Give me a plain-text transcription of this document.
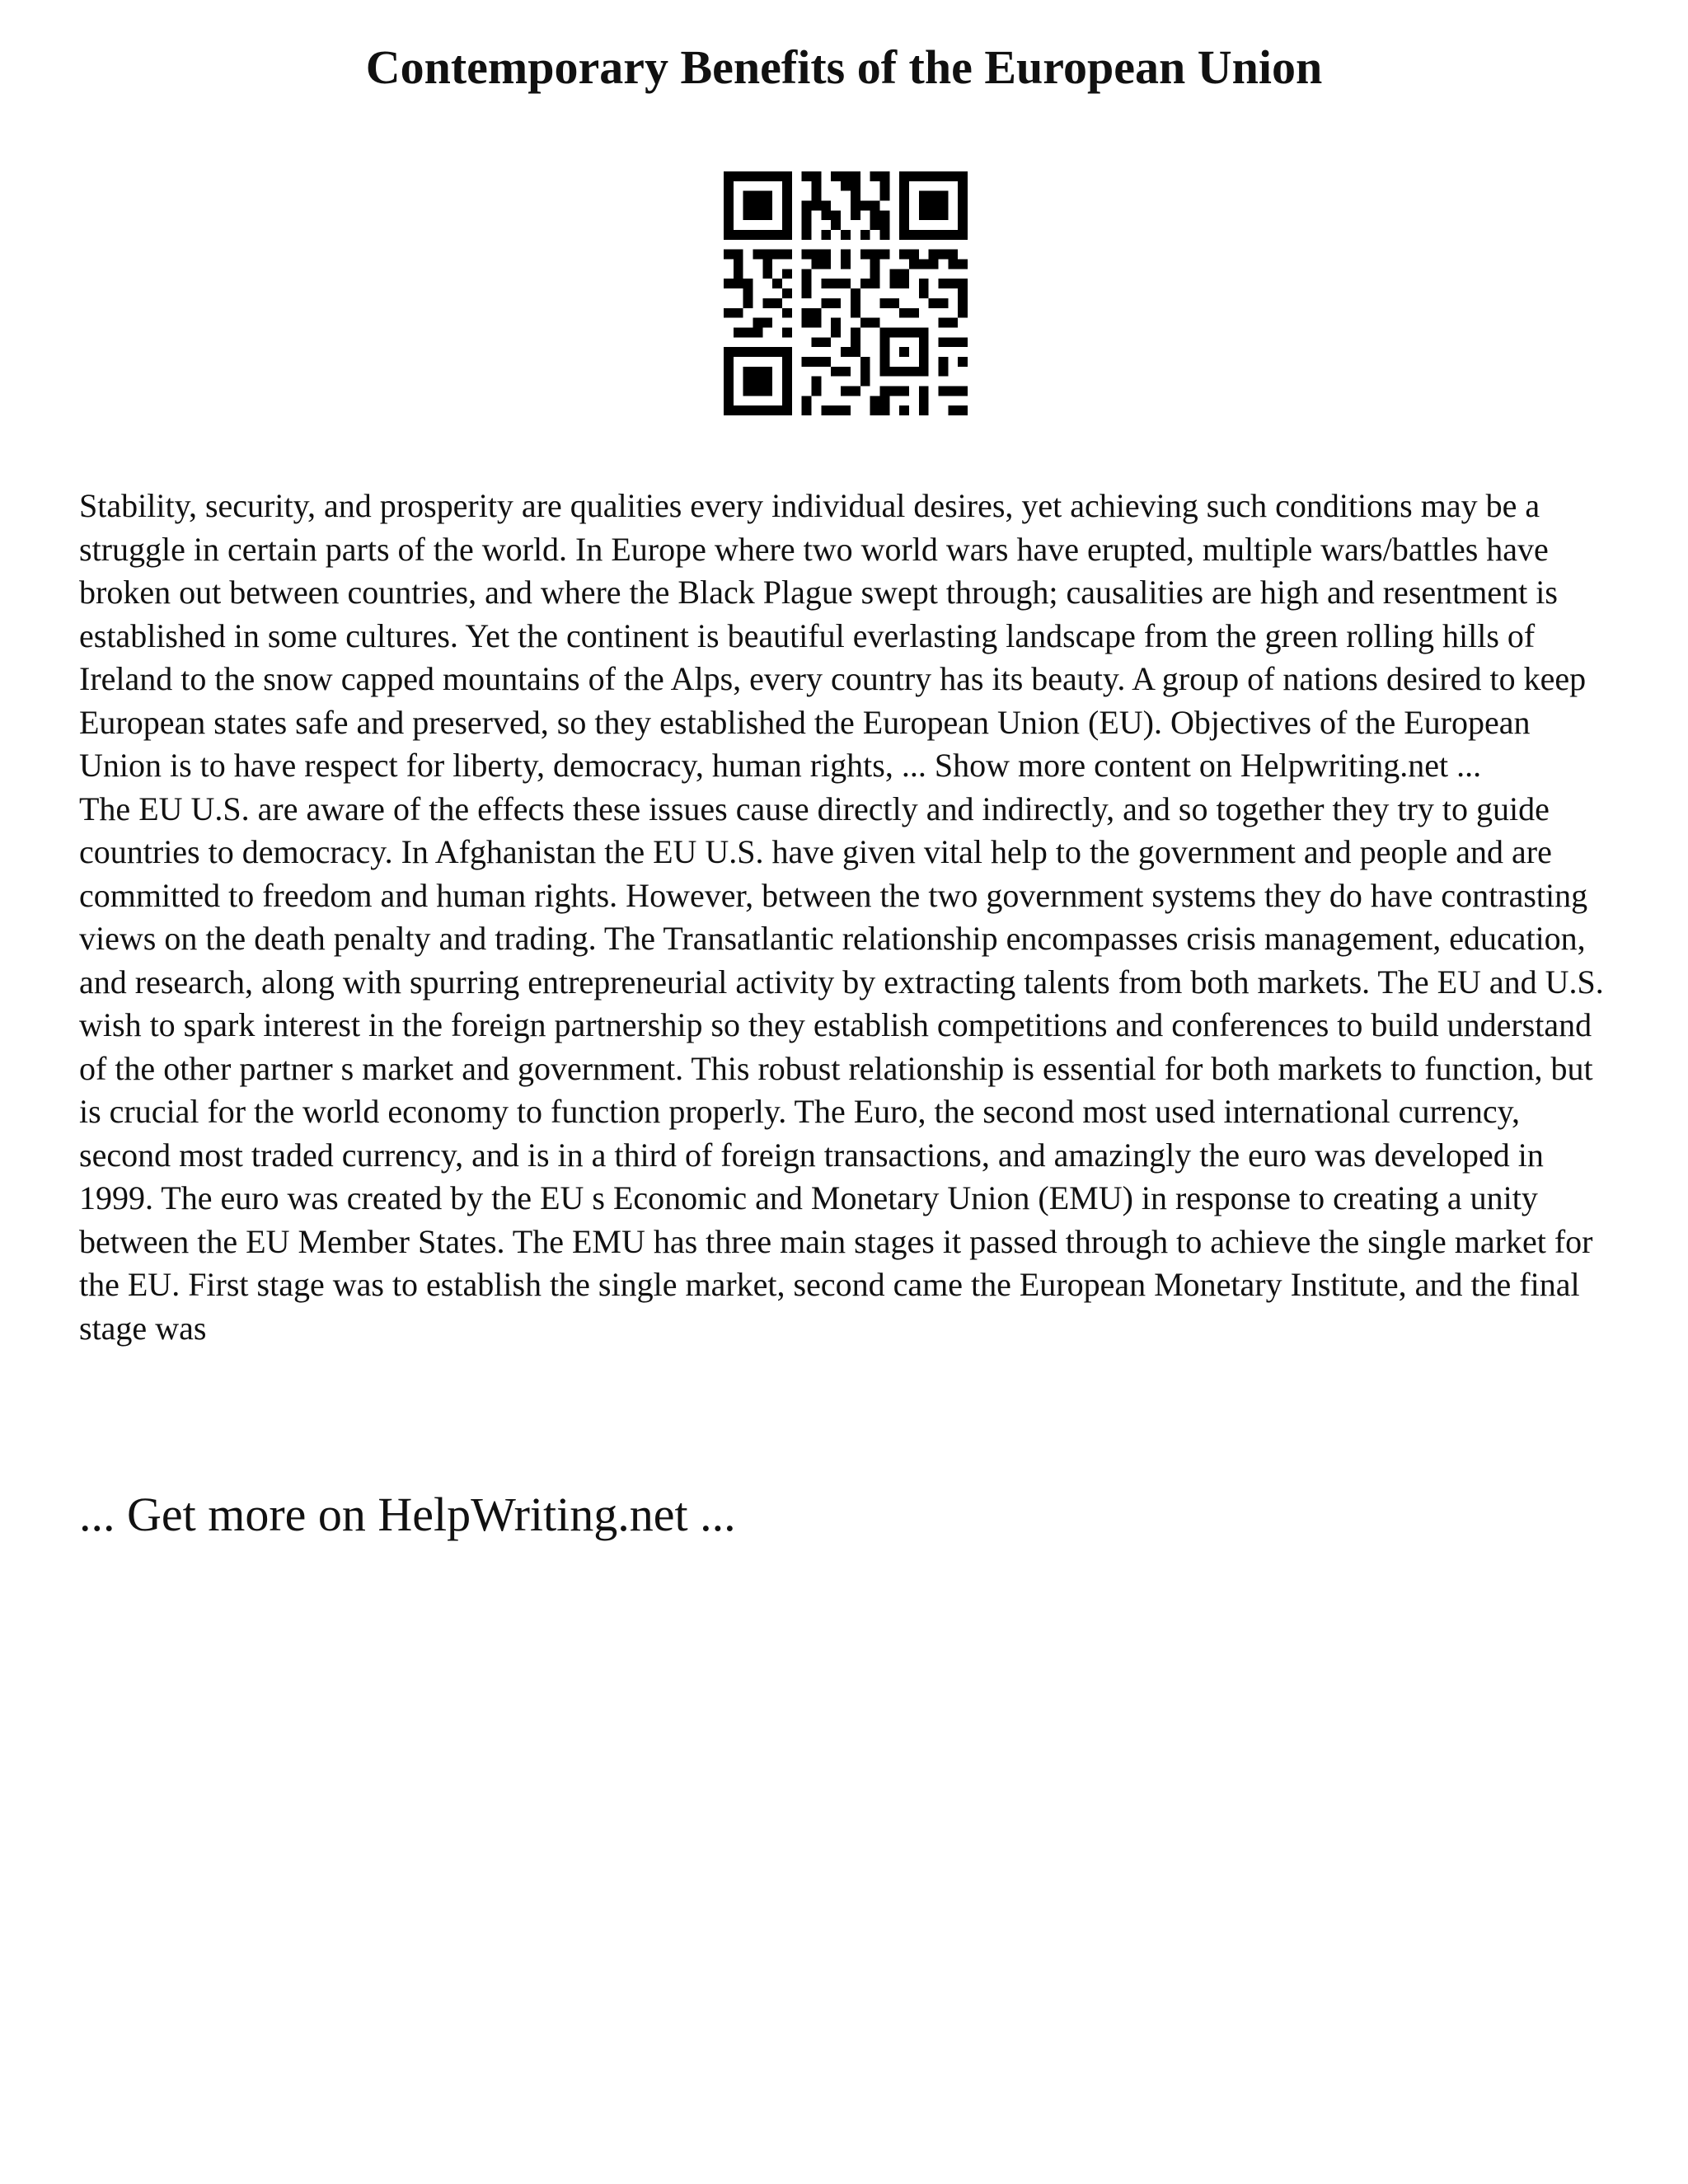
Contemporary Benefits of the European Union

Stability, security, and prosperity are qualities every individual desires, yet achieving such conditions may be a struggle in certain parts of the world. In Europe where two world wars have erupted, multiple wars/battles have broken out between countries, and where the Black Plague swept through; causalities are high and resentment is established in some cultures. Yet the continent is beautiful everlasting landscape from the green rolling hills of Ireland to the snow capped mountains of the Alps, every country has its beauty. A group of nations desired to keep European states safe and preserved, so they established the European Union (EU). Objectives of the European Union is to have respect for liberty, democracy, human rights, ... Show more content on Helpwriting.net ...

The EU U.S. are aware of the effects these issues cause directly and indirectly, and so together they try to guide countries to democracy. In Afghanistan the EU U.S. have given vital help to the government and people and are committed to freedom and human rights. However, between the two government systems they do have contrasting views on the death penalty and trading. The Transatlantic relationship encompasses crisis management, education, and research, along with spurring entrepreneurial activity by extracting talents from both markets. The EU and U.S. wish to spark interest in the foreign partnership so they establish competitions and conferences to build understand of the other partner s market and government. This robust relationship is essential for both markets to function, but is crucial for the world economy to function properly. The Euro, the second most used international currency, second most traded currency, and is in a third of foreign transactions, and amazingly the euro was developed in 1999. The euro was created by the EU s Economic and Monetary Union (EMU) in response to creating a unity between the EU Member States. The EMU has three main stages it passed through to achieve the single market for the EU. First stage was to establish the single market, second came the European Monetary Institute, and the final stage was

... Get more on HelpWriting.net ...
